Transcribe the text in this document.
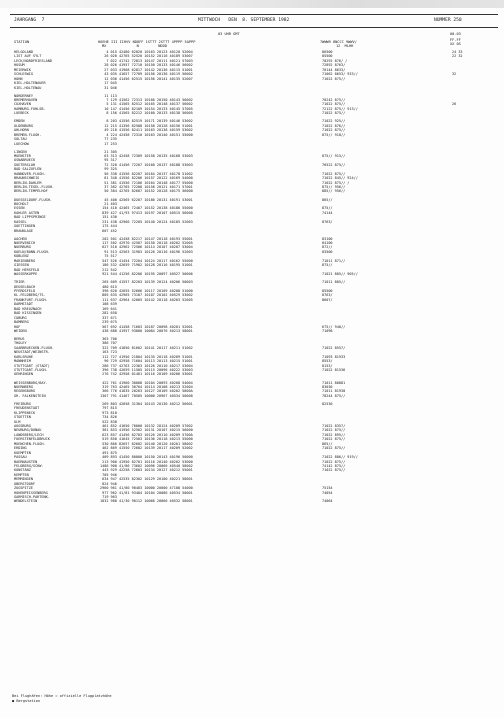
JAHRGANG  7	MITTWOCH   DEN  8. SEPTEMBER 1982	NUMMER 250
03 UHR GMT	00-03
STATION	HOEHE III IIHVV NDDFF 1STTT 2STTT 4PPPP 5APPP
MX              N         NDDD
7WWW9 8NCCC 9WWV/
12  MLHH
FF-FF
XX 0S
HELGOLAND	4 015 42480 62020 10163 20123 40120 52004	86500	24 33
LIST AUF SYLT	26 020 42765 52520 10152 20116 40189 53007	85500	22 32
LECK/NORDFRIESLAND	7 022 41742 72813 10147 20111 40121 57003	70292 876/ /
HUSUM	28 026 41957 72710 10150 20133 40146 56002	72892 8763/
MEIERWIK	27 033 41968 62817 10142 20136 40115 51001	70144 8633/
SCHLESWIG	43 035 41657 72709 10156 20136 40119 56002	71062 8653/ 933//	32
HOHN	12 036 41456 62515 10156 20141 40135 52007	71022 875//
KIEL-HOLTENAUER	17 045
KIEL-HOLTENAU	31 046
NORDERNEY	11 113
BREMERHAVEN	7 129 41562 72313 10166 20150 40143 56002	70242 875//
CUXHAVEN	5 131 41565 82512 10165 20148 40137 56002	71022 875//	26
HAMBURG-FUHLSB.	16 147 41456 82109 10154 20133 40145 57005	72122 875// 913//
LUEBECK	8 156 41565 82212 10160 20133 40138 56005	71022 875//
EMDEN	8 203 41556 82519 10171 20139 40146 53002	71022 925//
OLDENBURG	12 215 41356 82508 10158 20128 40156 51001	71022 876//
AHLHORN	49 218 41556 82411 10163 20138 40159 53002	71022 875//
BREMEN-FLUGH.	4 224 42458 72310 10163 20140 40151 55000	875// 918//
SOLTAU	77 235
LUECHOW	17 253
LINGEN	21 305
MUENSTER	63 313 42458 72309 10158 20135 40168 53003	875// 915//
OSNABRUECK	95 317
GUETERSLOH	72 320 41456 72207 10160 20137 40188 53003	76522 875//
BAD SALZUFLEN	99 325
HANNOVER-FLUGH.	56 338 41556 82207 10164 20137 40178 51002	71022 875//
BRAUNSCHWEIG	81 348 41556 82206 10157 20122 40169 54000	71022 845// 924//
BERLIN-DAHLEM	51 381 41556 72106 10164 20148 40177 55000	71022 875// /
BERLIN-TEGEL-FLUGH.	37 382 42765 72208 10158 20121 40171 57001	875// 956//
BERLIN-TEMPELHOF	50 384 42765 82607 10152 20128 40175 56000	885// 956//
DUESSELDORF-FLUGH.	45 400 42565 62207 10186 20131 40191 53001	865//
BOCHOLT	21 403
ESSEN	154 410 42465 72407 10152 20138 40186 55000	875//
KAHLER ASTEN	839 427 41/93 97413 10197 20107 40515 56000	74144
BAD LIPPSPRINGE	151 430
KASSEL	231 438 42960 72205 10140 20124 40185 52003	8763/
GOETTINGEN	175 444
BRAUNLAGE	607 452
AACHEN	202 501 42458 82217 10147 20118 40193 55001	83100
NOERVENICH	117 502 42970 42507 10150 20118 40202 52005	84100
NUERBURG	627 510 42962 72506 10114 20107 40207 53004	872//
KOELN/BONN-FLUGH.	91 513 42563 31903 10126 20116 40196 52003	83500
KOBLENZ	75 517
MARIENBERG	547 526 41454 72204 10124 20117 40162 55000	71011 871//
GIESSEN	186 532 42659 71902 10128 20116 40195 51001	875//
BAD HERSFELD	212 542
WASSERKUPPE	921 544 41256 82206 10195 20097 40527 50006	71021 805// 905//
TRIER	265 609 41557 82203 10139 20124 40206 50003	71011 805//
DEUSELBACH	480 615
PFERDSFELD	396 620 42655 52606 10117 20109 40208 51000	85500
KL.FELDBERG/TS.	805 635 42965 73107 10107 20102 40529 53002	8763/
FRANKFURT-FLUGH.	111 637 42964 42005 10142 20118 40203 52005	8607/
DARMSTADT	108 639
BAD KREUZNACH	169 641
BAD KISSINGEN	282 658
COBURG	337 671
BAMBERG	239 675
HOF	567 692 41458 71603 10187 20098 40201 52001	675// 940//
WEIDEN	438 688 41957 93000 10084 20076 40213 58001	71098
BERUS	363 706
THOLEY	386 707
SAARBRUECKEN-FLUGH.	322 709 41850 81602 10141 20117 40211 51002	71022 8557/
NEUSTADT/WEINSTR.	163 723
KARLSRUHE	112 727 41956 21804 10135 20118 40209 51001	71093 81933
MANNHEIM	96 729 42958 71604 10113 20113 40215 51001	8553/
STUTTGART (STADT)	286 737 42763 22303 10126 20110 40217 53004	8153/
STUTTGART-FLUGH.	396 738 42659 11505 10115 20096 40222 53003	71022 81536
OEHRINGEN	276 742 42958 01401 10116 20109 40206 53001
WEISSENBURG/BAY.	422 761 41960 30008 10104 20093 40208 54004	71011 80881
NUERNBERG	319 763 42465 30704 10114 20108 40213 52004	83030
REGENSBURG	366 776 41835 20203 10127 20109 40202 5800A	71011 81930
GR. FALKENSTEIN	1307 791 41467 70505 10000 20967 40534 50008	78244 875//
FREIBURG	269 803 42658 31304 10143 20130 40212 56001	82530
FREUDENSTADT	797 815
KLIPPENECK	973 818
STOETTEN	734 826
ULM	522 838
AUGSBURG	461 852 41650 70000 10132 20124 40209 57002	71022 8357/
NEUBURG/DONAU	381 853 41956 52502 10131 20107 40215 56000	71022 875//
LANDSBERG/LECH	623 857 41456 82703 10126 20110 40209 5700A	71022 895//
FUERSTENFELDBRUCK	519 858 41645 72503 10136 20118 40213 55000	71022 875//
MUENCHEN-FLUGH.	530 866 82657 82602 10140 20120 40201 58002	865//
ERDING	462 869 41550 72602 10139 20117 40209 52002	71022 875//
KUEMPTEN	491 875
PASSAU	409 893 41450 80000 10150 20143 40196 50000	71022 886// 919//
BAERNAUSTEN	213 900 41950 82701 10116 20140 40202 53000	71022 875//
FELDBERG/SCHW.	1486 908 41/86 73602 10096 20066 40540 58002	74142 875//
KONSTANZ	443 929 42258 72603 10134 20127 40212 55001	71022 875//
KEMPTEN	705 946
MEMMINGEN	634 947 42535 82302 10129 20100 40221 58001
OBERSTDORF	824 946
ZUGSPITZE	2960 961 41/80 90403 10000 20000 47108 54000	75154
HOHENPEISSENBERG	977 962 41/81 93404 10104 20086 40534 50001	74054
GARMISCH-PARTENK.	719 963
WENDELSTEIN	1832 980 41/30 90112 10066 20066 40532 58001	74064
Bei Flughäfen: Höhe = offizielle Flugplatzhöhe
● Bergstation
